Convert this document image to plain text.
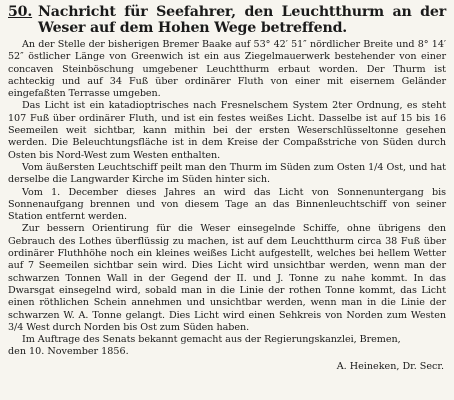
50. Nachricht für Seefahrer, den Leuchtthurm an der Weser auf dem Hohen Wege betreffend.

An der Stelle der bisherigen Bremer Baake auf 53° 42′ 51″ nördlicher Breite und 8° 14′ 52″ östlicher Länge von Greenwich ist ein aus Ziegelmauerwerk bestehender von einer concaven Steinböschung umgebener Leuchtthurm erbaut worden. Der Thurm ist achteckig und auf 34 Fuß über ordinärer Fluth von einer mit eisernem Geländer eingefaßten Terrasse umgeben.

Das Licht ist ein katadioptrisches nach Fresnelschem System 2ter Ordnung, es steht 107 Fuß über ordinärer Fluth, und ist ein festes weißes Licht. Dasselbe ist auf 15 bis 16 Seemeilen weit sichtbar, kann mithin bei der ersten Weserschlüsseltonne gesehen werden. Die Beleuchtungsfläche ist in dem Kreise der Compaßstriche von Süden durch Osten bis Nord-West zum Westen enthalten.

Vom äußersten Leuchtschiff peilt man den Thurm im Süden zum Osten 1/4 Ost, und hat derselbe die Langwarder Kirche im Süden hinter sich.

Vom 1. December dieses Jahres an wird das Licht von Sonnenuntergang bis Sonnenaufgang brennen und von diesem Tage an das Binnenleuchtschiff von seiner Station entfernt werden.

Zur bessern Orientirung für die Weser einsegelnde Schiffe, ohne übrigens den Gebrauch des Lothes überflüssig zu machen, ist auf dem Leuchtthurm circa 38 Fuß über ordinärer Fluthhöhe noch ein kleines weißes Licht aufgestellt, welches bei hellem Wetter auf 7 Seemeilen sichtbar sein wird. Dies Licht wird unsichtbar werden, wenn man der schwarzen Tonnen Wall in der Gegend der II. und J. Tonne zu nahe kommt. In das Dwarsgat einsegelnd wird, sobald man in die Linie der rothen Tonne kommt, das Licht einen röthlichen Schein annehmen und unsichtbar werden, wenn man in die Linie der schwarzen W. A. Tonne gelangt. Dies Licht wird einen Sehkreis von Norden zum Westen 3/4 West durch Norden bis Ost zum Süden haben.

Im Auftrage des Senats bekannt gemacht aus der Regierungskanzlei, Bremen,

den 10. November 1856.

A. Heineken, Dr. Secr.
